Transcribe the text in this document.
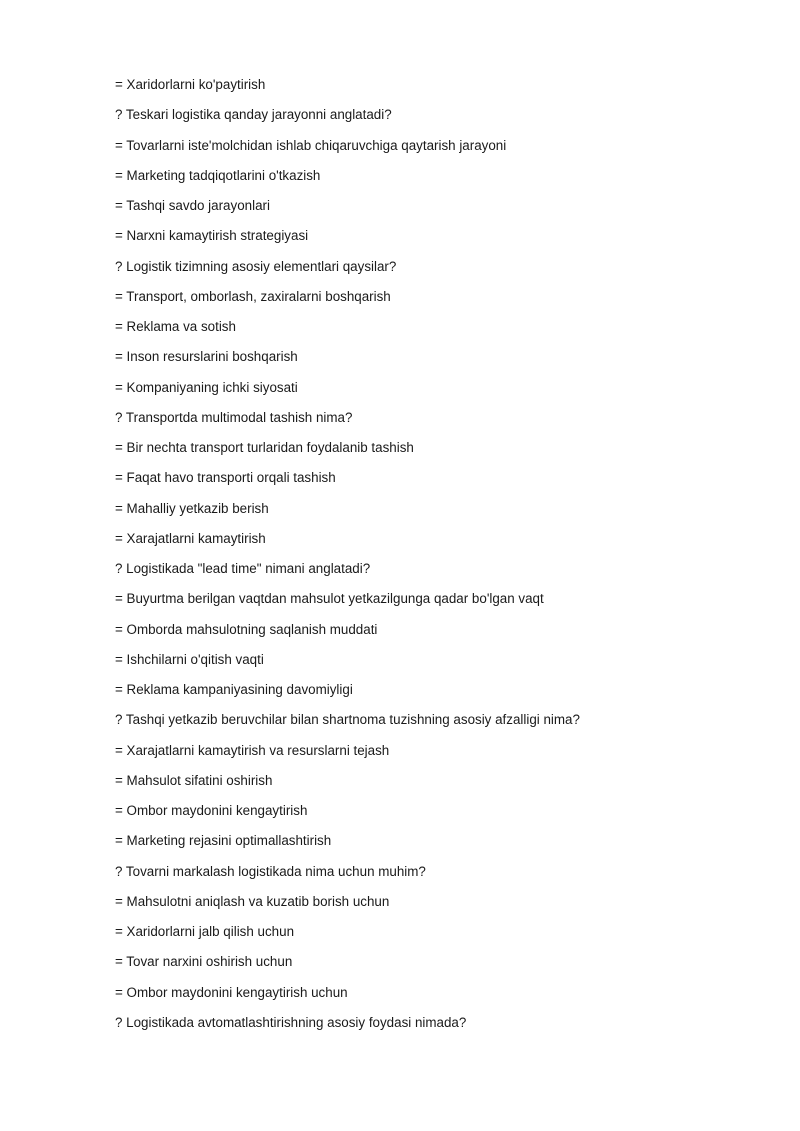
= Xaridorlarni ko'paytirish
? Teskari logistika qanday jarayonni anglatadi?
= Tovarlarni iste'molchidan ishlab chiqaruvchiga qaytarish jarayoni
= Marketing tadqiqotlarini o'tkazish
= Tashqi savdo jarayonlari
= Narxni kamaytirish strategiyasi
? Logistik tizimning asosiy elementlari qaysilar?
= Transport, omborlash, zaxiralarni boshqarish
= Reklama va sotish
= Inson resurslarini boshqarish
= Kompaniyaning ichki siyosati
? Transportda multimodal tashish nima?
= Bir nechta transport turlaridan foydalanib tashish
= Faqat havo transporti orqali tashish
= Mahalliy yetkazib berish
= Xarajatlarni kamaytirish
? Logistikada "lead time" nimani anglatadi?
= Buyurtma berilgan vaqtdan mahsulot yetkazilgunga qadar bo'lgan vaqt
= Omborda mahsulotning saqlanish muddati
= Ishchilarni o'qitish vaqti
= Reklama kampaniyasining davomiyligi
? Tashqi yetkazib beruvchilar bilan shartnoma tuzishning asosiy afzalligi nima?
= Xarajatlarni kamaytirish va resurslarni tejash
= Mahsulot sifatini oshirish
= Ombor maydonini kengaytirish
= Marketing rejasini optimallashtirish
? Tovarni markalash logistikada nima uchun muhim?
= Mahsulotni aniqlash va kuzatib borish uchun
= Xaridorlarni jalb qilish uchun
= Tovar narxini oshirish uchun
= Ombor maydonini kengaytirish uchun
? Logistikada avtomatlashtirishning asosiy foydasi nimada?
